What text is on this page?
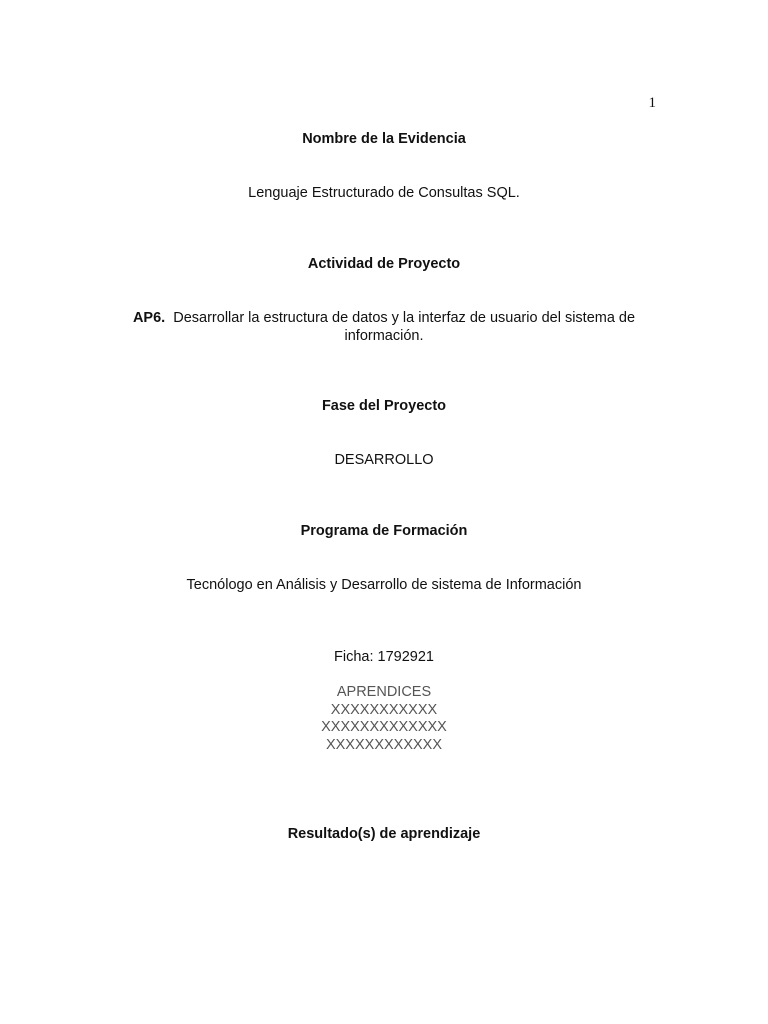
1
Nombre de la Evidencia
Lenguaje Estructurado de Consultas SQL.
Actividad de Proyecto
AP6. Desarrollar la estructura de datos y la interfaz de usuario del sistema de información.
Fase del Proyecto
DESARROLLO
Programa de Formación
Tecnólogo en Análisis y Desarrollo de sistema de Información
Ficha: 1792921
APRENDICES
XXXXXXXXXXX
XXXXXXXXXXXXX
XXXXXXXXXXXX
Resultado(s) de aprendizaje
